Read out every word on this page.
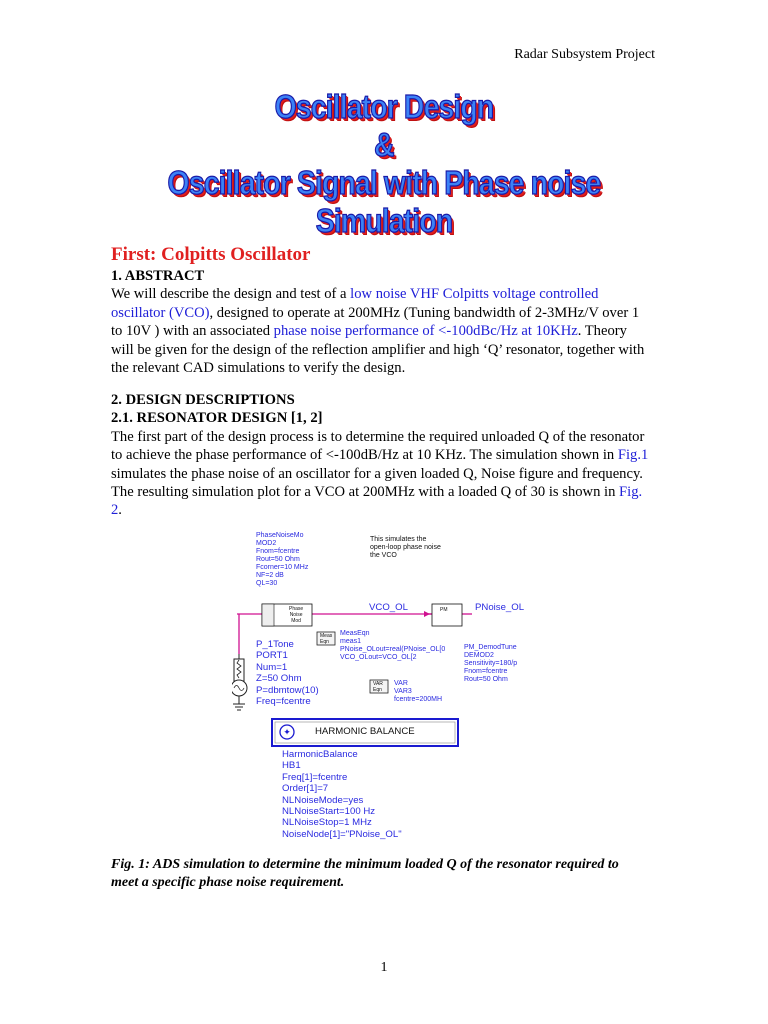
Radar Subsystem Project
Oscillator Design
&
Oscillator Signal with Phase noise
Simulation
First: Colpitts Oscillator
1. ABSTRACT

We will describe the design and test of a low noise VHF Colpitts voltage controlled oscillator (VCO), designed to operate at 200MHz (Tuning bandwidth of 2-3MHz/V over 1 to 10V ) with an associated phase noise performance of <-100dBc/Hz at 10KHz. Theory will be given for the design of the reflection amplifier and high ‘Q’ resonator, together with the relevant CAD simulations to verify the design.

2. DESIGN DESCRIPTIONS
2.1. RESONATOR DESIGN [1, 2]

The first part of the design process is to determine the required unloaded Q of the resonator to achieve the phase performance of <-100dB/Hz at 10 KHz. The simulation shown in Fig.1 simulates the phase noise of an oscillator for a given loaded Q, Noise figure and frequency. The resulting simulation plot for a VCO at 200MHz with a loaded Q of 30 is shown in Fig. 2.

✦
PhaseNoiseMo
MOD2
Fnom=fcentre
Rout=50 Ohm
Fcorner=10 MHz
NF=2 dB
QL=30
This simulates the
open-loop phase noise
the VCO
Phase
Noise
Mod
PM
VCO_OL	PNoise_OL
P_1Tone
PORT1
Num=1
Z=50 Ohm
P=dbmtow(10)
Freq=fcentre
Meas
Eqn
MeasEqn
meas1
PNoise_OLout=real(PNoise_OL[0
VCO_OLout=VCO_OL[2
PM_DemodTune
DEMOD2
Sensitivity=180/p
Fnom=fcentre
Rout=50 Ohm
VAR
Eqn
VAR
VAR3
fcentre=200MH
HARMONIC BALANCE
HarmonicBalance
HB1
Freq[1]=fcentre
Order[1]=7
NLNoiseMode=yes
NLNoiseStart=100 Hz
NLNoiseStop=1 MHz
NoiseNode[1]="PNoise_OL"
Fig. 1: ADS simulation to determine the minimum loaded Q of the resonator required to meet a specific phase noise requirement.
1
